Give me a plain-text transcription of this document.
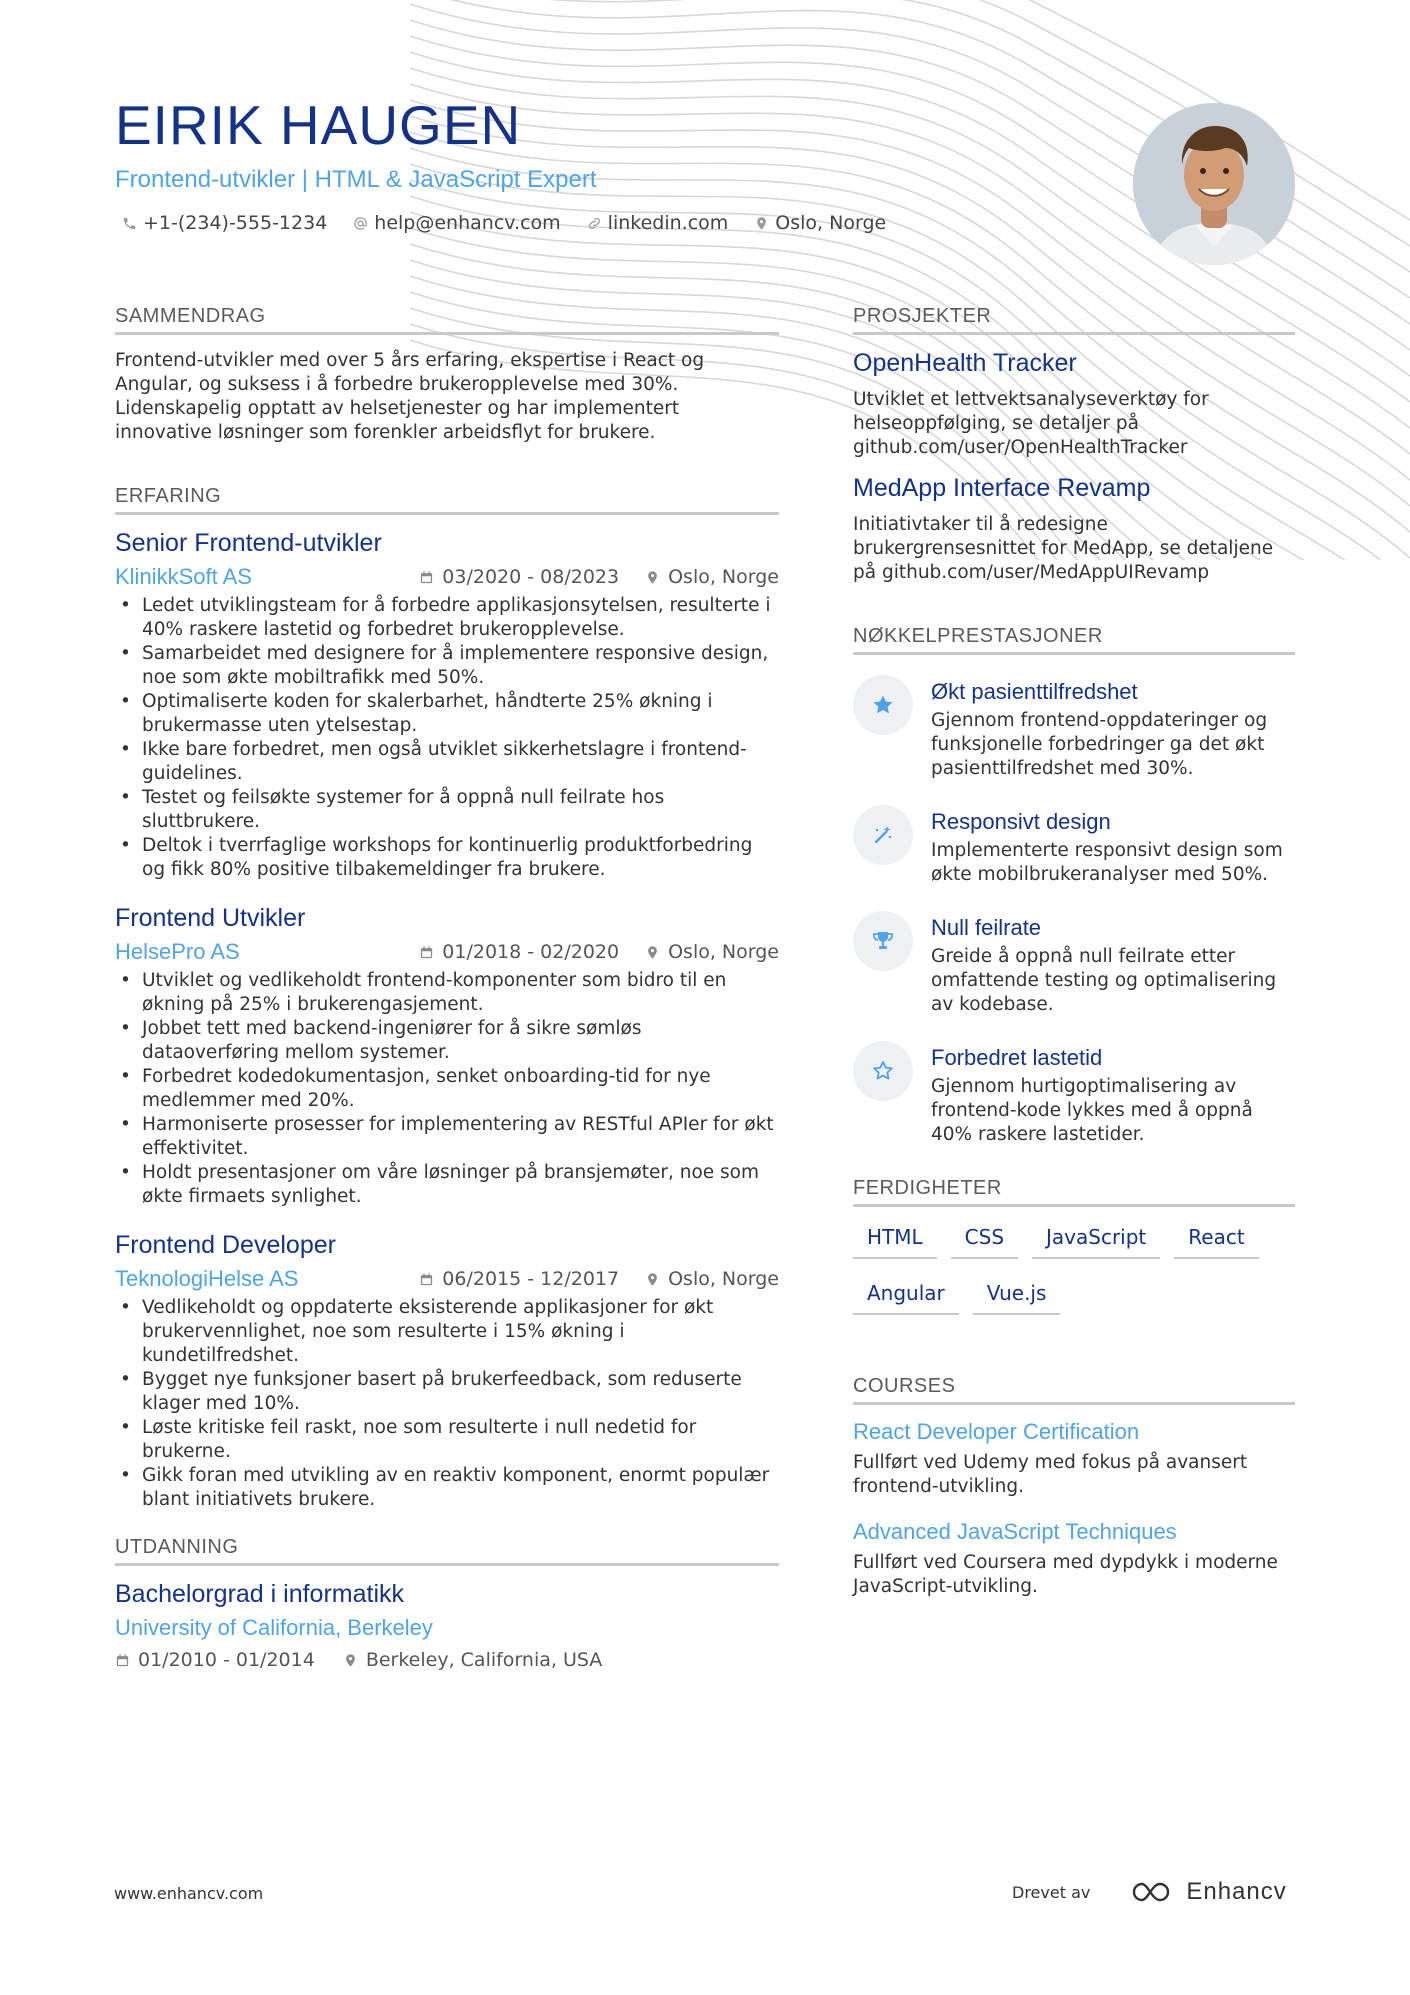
EIRIK HAUGEN
Frontend-utvikler | HTML & JavaScript Expert
+1-(234)-555-1234 help@enhancv.com linkedin.com Oslo, Norge
SAMMENDRAG

Frontend-utvikler med over 5 års erfaring, ekspertise i React og Angular, og suksess i å forbedre brukeropplevelse med 30%. Lidenskapelig opptatt av helsetjenester og har implementert innovative løsninger som forenkler arbeidsflyt for brukere.

ERFARING
Senior Frontend-utvikler
KlinikkSoft AS	03/2020 - 08/2023	Oslo, Norge
• Ledet utviklingsteam for å forbedre applikasjonsytelsen, resulterte i 40% raskere lastetid og forbedret brukeropplevelse.
• Samarbeidet med designere for å implementere responsive design, noe som økte mobiltrafikk med 50%.
• Optimaliserte koden for skalerbarhet, håndterte 25% økning i brukermasse uten ytelsestap.
• Ikke bare forbedret, men også utviklet sikkerhetslagre i frontend-guidelines.
• Testet og feilsøkte systemer for å oppnå null feilrate hos sluttbrukere.
• Deltok i tverrfaglige workshops for kontinuerlig produktforbedring og fikk 80% positive tilbakemeldinger fra brukere.
Frontend Utvikler
HelsePro AS	01/2018 - 02/2020	Oslo, Norge
• Utviklet og vedlikeholdt frontend-komponenter som bidro til en økning på 25% i brukerengasjement.
• Jobbet tett med backend-ingeniører for å sikre sømløs dataoverføring mellom systemer.
• Forbedret kodedokumentasjon, senket onboarding-tid for nye medlemmer med 20%.
• Harmoniserte prosesser for implementering av RESTful APIer for økt effektivitet.
• Holdt presentasjoner om våre løsninger på bransjemøter, noe som økte firmaets synlighet.
Frontend Developer
TeknologiHelse AS	06/2015 - 12/2017	Oslo, Norge
• Vedlikeholdt og oppdaterte eksisterende applikasjoner for økt brukervennlighet, noe som resulterte i 15% økning i kundetilfredshet.
• Bygget nye funksjoner basert på brukerfeedback, som reduserte klager med 10%.
• Løste kritiske feil raskt, noe som resulterte i null nedetid for brukerne.
• Gikk foran med utvikling av en reaktiv komponent, enormt populær blant initiativets brukere.
UTDANNING
Bachelorgrad i informatikk
University of California, Berkeley
01/2010 - 01/2014	Berkeley, California, USA
PROSJEKTER
OpenHealth Tracker

Utviklet et lettvektsanalyseverktøy for helseoppfølging, se detaljer på github.com/user/OpenHealthTracker

MedApp Interface Revamp

Initiativtaker til å redesigne brukergrensesnittet for MedApp, se detaljene på github.com/user/MedAppUIRevamp

NØKKELPRESTASJONER
Økt pasienttilfredshet

Gjennom frontend-oppdateringer og funksjonelle forbedringer ga det økt pasienttilfredshet med 30%.

Responsivt design

Implementerte responsivt design som økte mobilbrukeranalyser med 50%.

Null feilrate

Greide å oppnå null feilrate etter omfattende testing og optimalisering av kodebase.

Forbedret lastetid

Gjennom hurtigoptimalisering av frontend-kode lykkes med å oppnå 40% raskere lastetider.

FERDIGHETER
HTML	CSS	JavaScript	React
Angular	Vue.js
COURSES
React Developer Certification

Fullført ved Udemy med fokus på avansert frontend-utvikling.

Advanced JavaScript Techniques

Fullført ved Coursera med dypdykk i moderne JavaScript-utvikling.

www.enhancv.com	Drevet av	Enhancv
